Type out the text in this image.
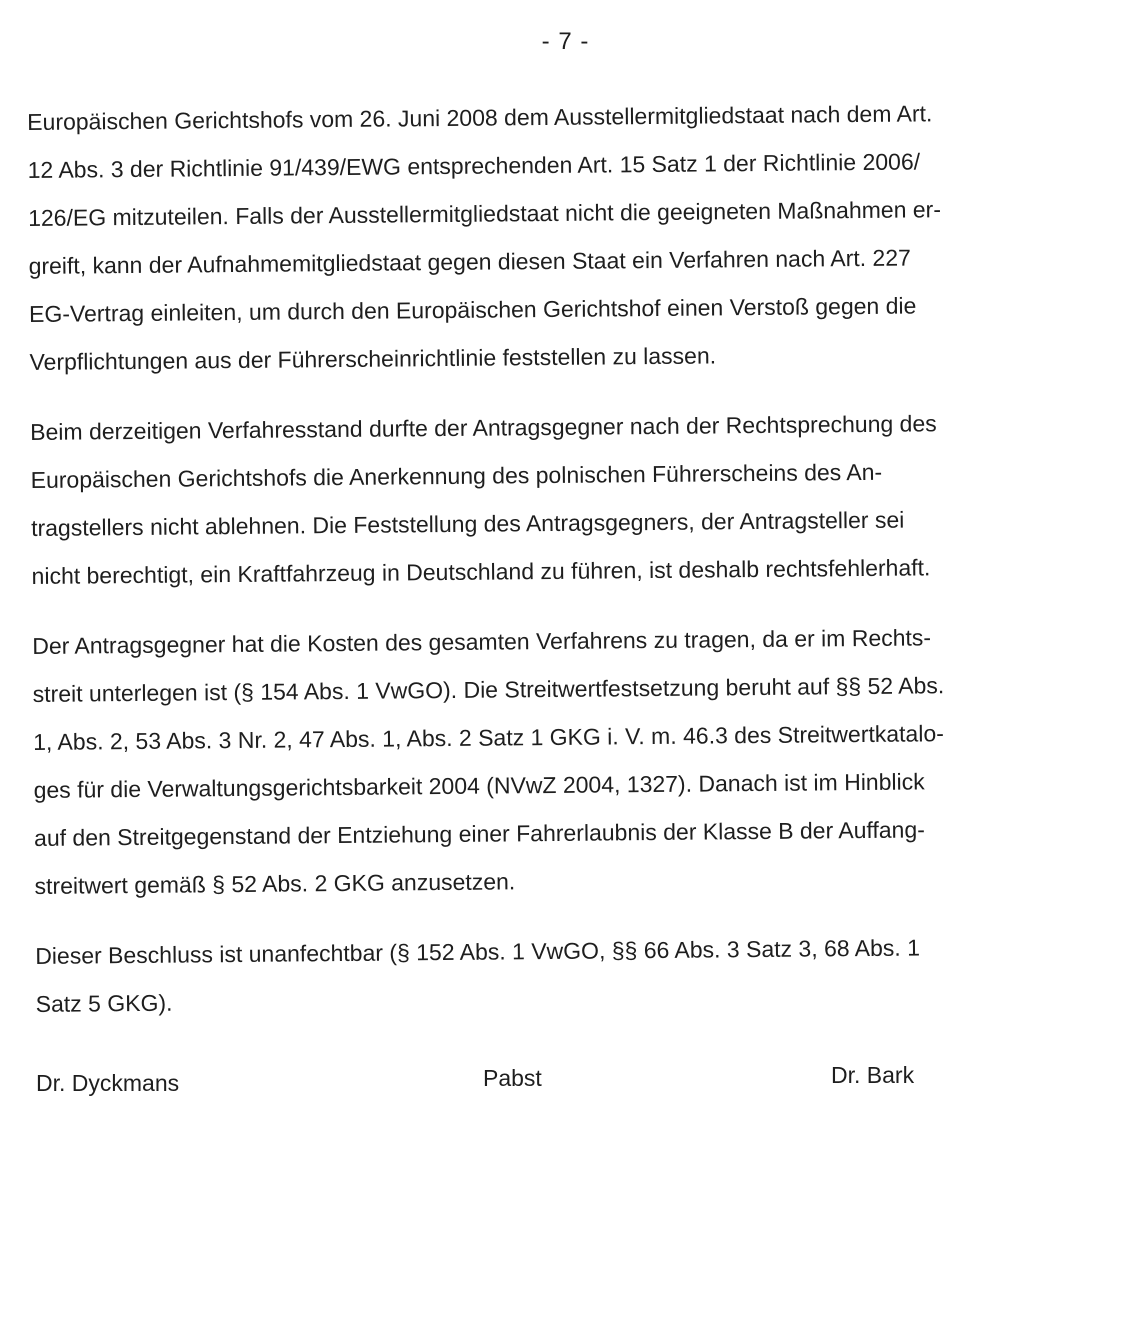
- 7 -

Europäischen Gerichtshofs vom 26. Juni 2008 dem Ausstellermitgliedstaat nach dem Art.
12 Abs. 3 der Richtlinie 91/439/EWG entsprechenden Art. 15 Satz 1 der Richtlinie 2006/
126/EG mitzuteilen. Falls der Ausstellermitgliedstaat nicht die geeigneten Maßnahmen er-
greift, kann der Aufnahmemitgliedstaat gegen diesen Staat ein Verfahren nach Art. 227
EG-Vertrag einleiten, um durch den Europäischen Gerichtshof einen Verstoß gegen die
Verpflichtungen aus der Führerscheinrichtlinie feststellen zu lassen.

Beim derzeitigen Verfahresstand durfte der Antragsgegner nach der Rechtsprechung des
Europäischen Gerichtshofs die Anerkennung des polnischen Führerscheins des An-
tragstellers nicht ablehnen. Die Feststellung des Antragsgegners, der Antragsteller sei
nicht berechtigt, ein Kraftfahrzeug in Deutschland zu führen, ist deshalb rechtsfehlerhaft.

Der Antragsgegner hat die Kosten des gesamten Verfahrens zu tragen, da er im Rechts-
streit unterlegen ist (§ 154 Abs. 1 VwGO). Die Streitwertfestsetzung beruht auf §§ 52 Abs.
1, Abs. 2, 53 Abs. 3 Nr. 2, 47 Abs. 1, Abs. 2 Satz 1 GKG i. V. m. 46.3 des Streitwertkatalo-
ges für die Verwaltungsgerichtsbarkeit 2004 (NVwZ 2004, 1327). Danach ist im Hinblick
auf den Streitgegenstand der Entziehung einer Fahrerlaubnis der Klasse B der Auffang-
streitwert gemäß § 52 Abs. 2 GKG anzusetzen.

Dieser Beschluss ist unanfechtbar (§ 152 Abs. 1 VwGO, §§ 66 Abs. 3 Satz 3, 68 Abs. 1
Satz 5 GKG).

Dr. Dyckmans	Pabst	Dr. Bark
